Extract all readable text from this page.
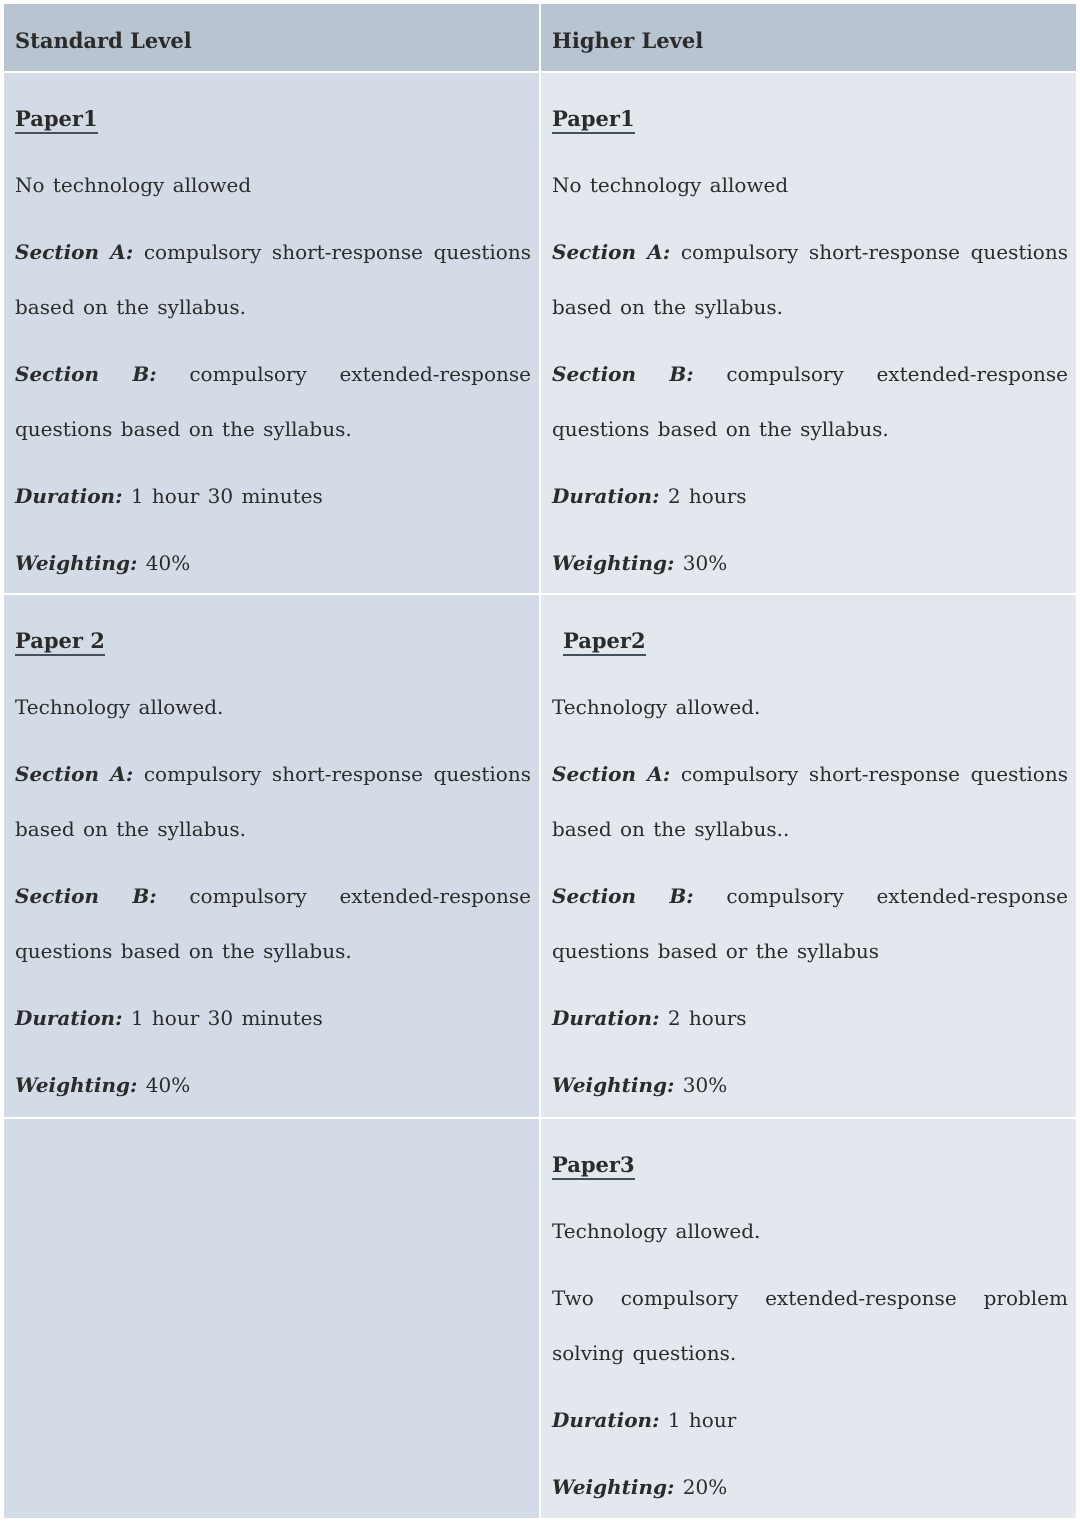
Standard Level	Higher Level
Paper1
No technology allowed
Section A: compulsory short-response questions based on the syllabus.
Section B: compulsory extended-response questions based on the syllabus.
Duration: 1 hour 30 minutes
Weighting: 40%
Paper1
No technology allowed
Section A: compulsory short-response questions based on the syllabus.
Section B: compulsory extended-response questions based on the syllabus.
Duration: 2 hours
Weighting: 30%
Paper 2
Technology allowed.
Section A: compulsory short-response questions based on the syllabus.
Section B: compulsory extended-response questions based on the syllabus.
Duration: 1 hour 30 minutes
Weighting: 40%
Paper2
Technology allowed.
Section A: compulsory short-response questions based on the syllabus..
Section B: compulsory extended-response questions based or the syllabus
Duration: 2 hours
Weighting: 30%
Paper3
Technology allowed.
Two compulsory extended-response problem solving questions.
Duration: 1 hour
Weighting: 20%
